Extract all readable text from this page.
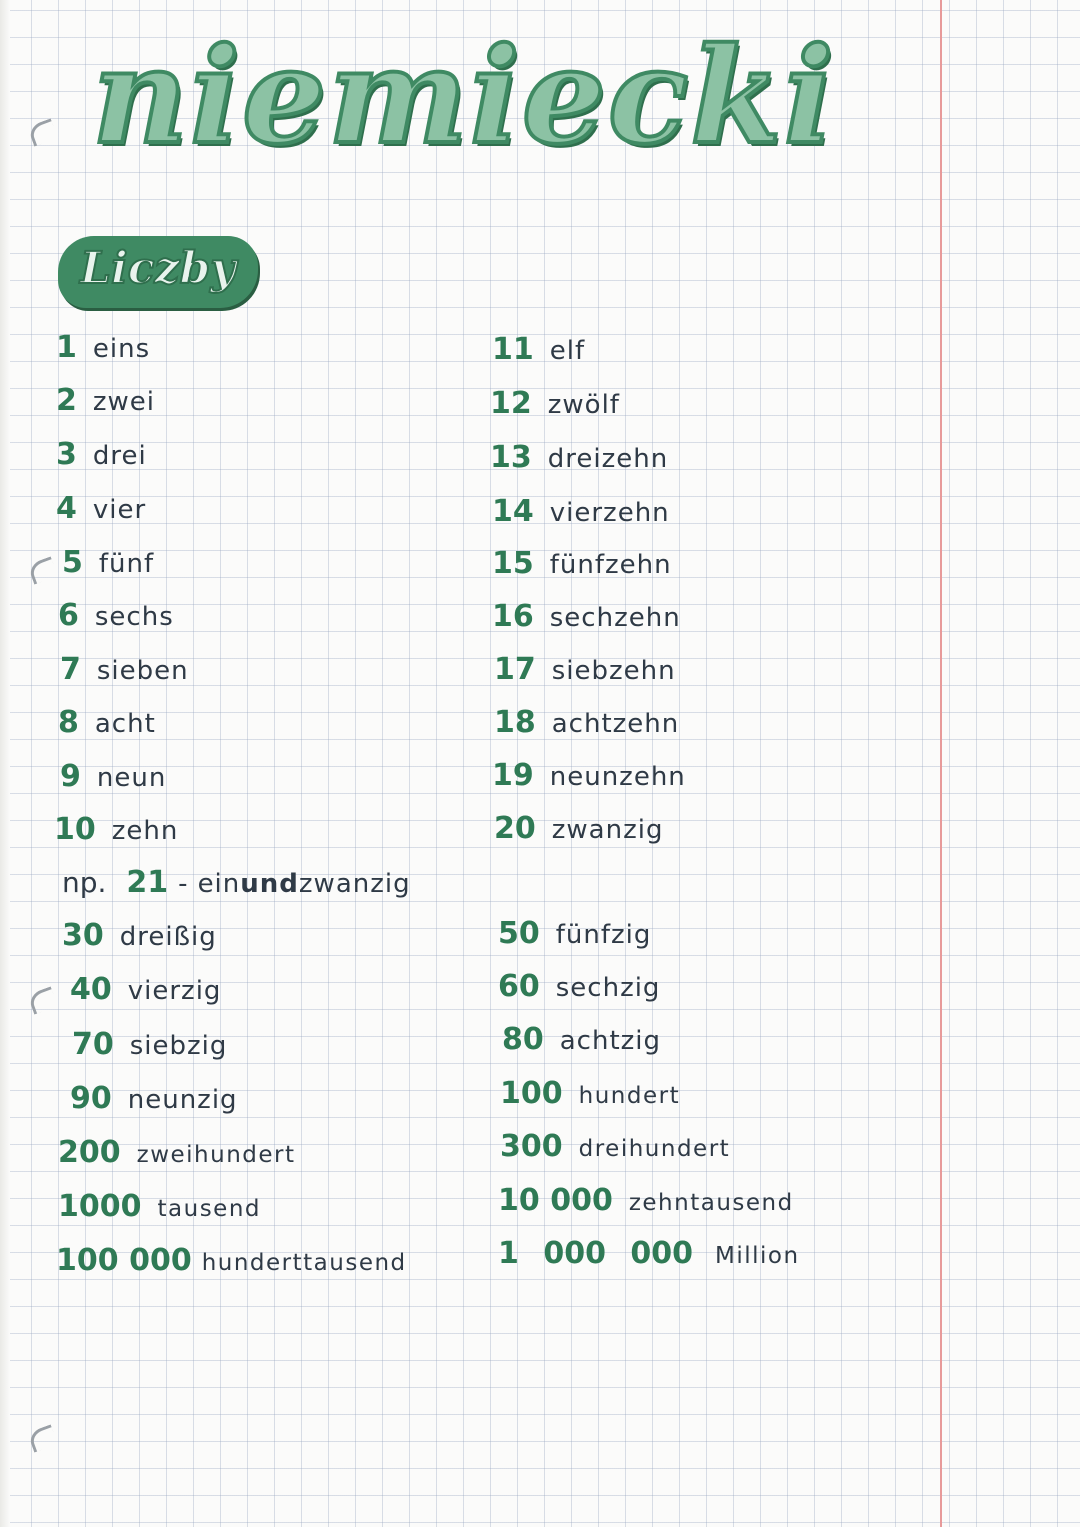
niemiecki
Liczby
1 eins
2 zwei
3 drei
4 vier
5 fünf
6 sechs
7 sieben
8 acht
9 neun
10 zehn
11 elf
12 zwölf
13 dreizehn
14 vierzehn
15 fünfzehn
16 sechzehn
17 siebzehn
18 achtzehn
19 neunzehn
20 zwanzig
np. 21 - ein und zwanzig
30 dreißig
40 vierzig
70 siebzig
90 neunzig
200 zweihundert
1000 tausend
100 000 hunderttausend
50 fünfzig
60 sechzig
80 achtzig
100 hundert
300 dreihundert
10 000 zehntausend
1 000 000 Million
